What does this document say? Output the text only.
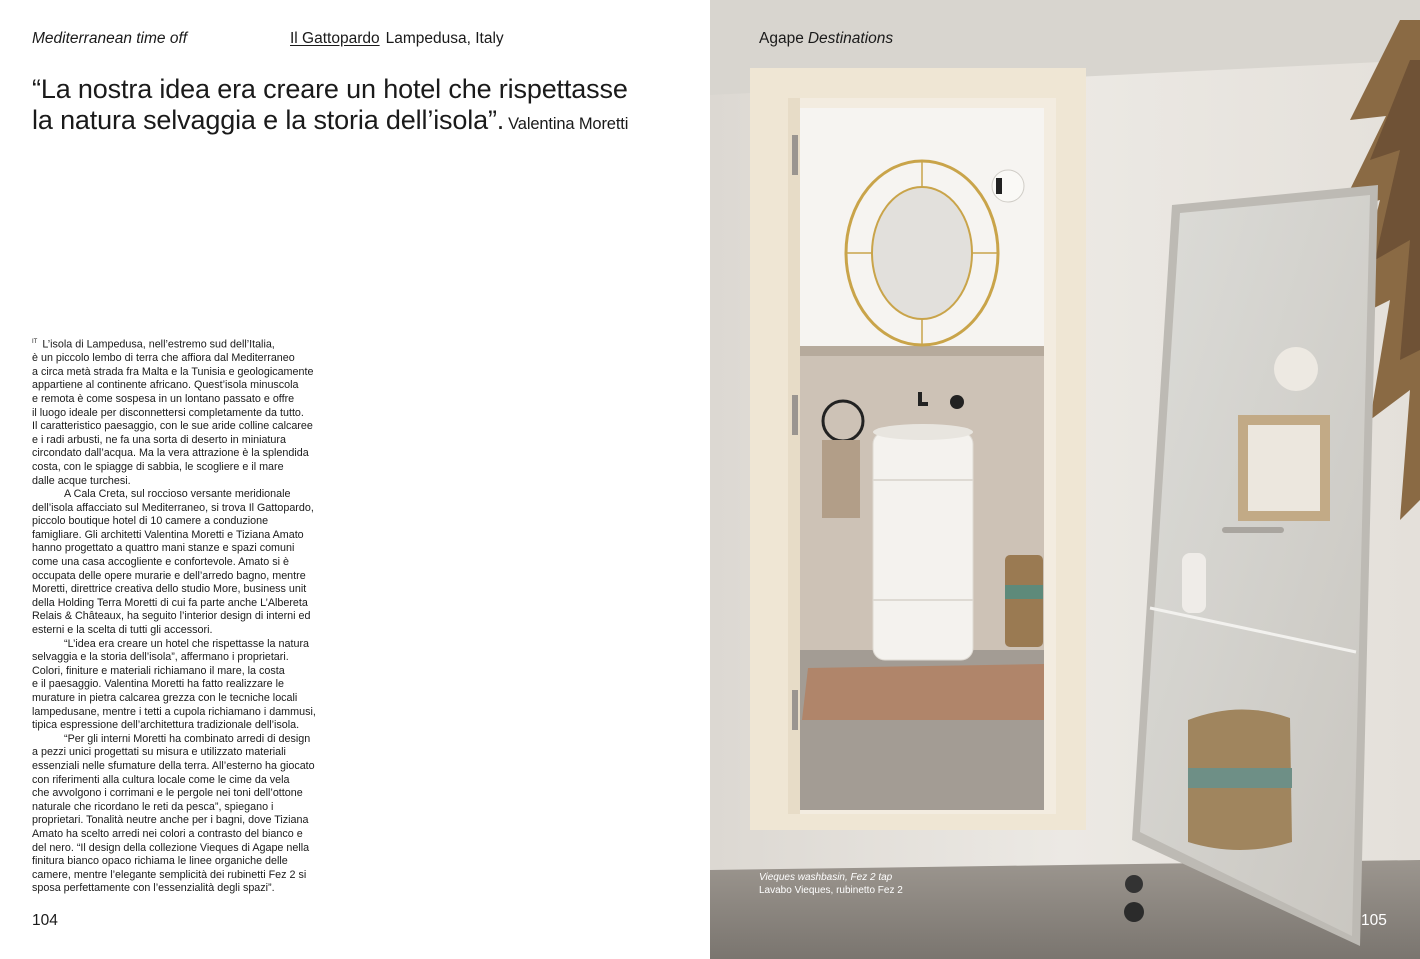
Mediterranean time off	Il Gattopardo Lampedusa, Italy
“La nostra idea era creare un hotel che rispettasse
la natura selvaggia e la storia dell’isola”. Valentina Moretti
$^{IT}$ L’isola di Lampedusa, nell’estremo sud dell’Italia,
è un piccolo lembo di terra che affiora dal Mediterraneo
a circa metà strada fra Malta e la Tunisia e geologicamente
appartiene al continente africano. Quest’isola minuscola
e remota è come sospesa in un lontano passato e offre
il luogo ideale per disconnettersi completamente da tutto.
Il caratteristico paesaggio, con le sue aride colline calcaree
e i radi arbusti, ne fa una sorta di deserto in miniatura
circondato dall’acqua. Ma la vera attrazione è la splendida
costa, con le spiagge di sabbia, le scogliere e il mare
dalle acque turchesi.
A Cala Creta, sul roccioso versante meridionale
dell’isola affacciato sul Mediterraneo, si trova Il Gattopardo,
piccolo boutique hotel di 10 camere a conduzione
famigliare. Gli architetti Valentina Moretti e Tiziana Amato
hanno progettato a quattro mani stanze e spazi comuni
come una casa accogliente e confortevole. Amato si è
occupata delle opere murarie e dell’arredo bagno, mentre
Moretti, direttrice creativa dello studio More, business unit
della Holding Terra Moretti di cui fa parte anche L’Albereta
Relais & Châteaux, ha seguito l’interior design di interni ed
esterni e la scelta di tutti gli accessori.
“L’idea era creare un hotel che rispettasse la natura
selvaggia e la storia dell’isola”, affermano i proprietari.
Colori, finiture e materiali richiamano il mare, la costa
e il paesaggio. Valentina Moretti ha fatto realizzare le
murature in pietra calcarea grezza con le tecniche locali
lampedusane, mentre i tetti a cupola richiamano i dammusi,
tipica espressione dell’architettura tradizionale dell’isola.
“Per gli interni Moretti ha combinato arredi di design
a pezzi unici progettati su misura e utilizzato materiali
essenziali nelle sfumature della terra. All’esterno ha giocato
con riferimenti alla cultura locale come le cime da vela
che avvolgono i corrimani e le pergole nei toni dell’ottone
naturale che ricordano le reti da pesca”, spiegano i
proprietari. Tonalità neutre anche per i bagni, dove Tiziana
Amato ha scelto arredi nei colori a contrasto del bianco e
del nero. “Il design della collezione Vieques di Agape nella
finitura bianco opaco richiama le linee organiche delle
camere, mentre l’elegante semplicità dei rubinetti Fez 2 si
sposa perfettamente con l’essenzialità degli spazi”.
104
Agape Destinations
Vieques washbasin, Fez 2 tap
Lavabo Vieques, rubinetto Fez 2
105
